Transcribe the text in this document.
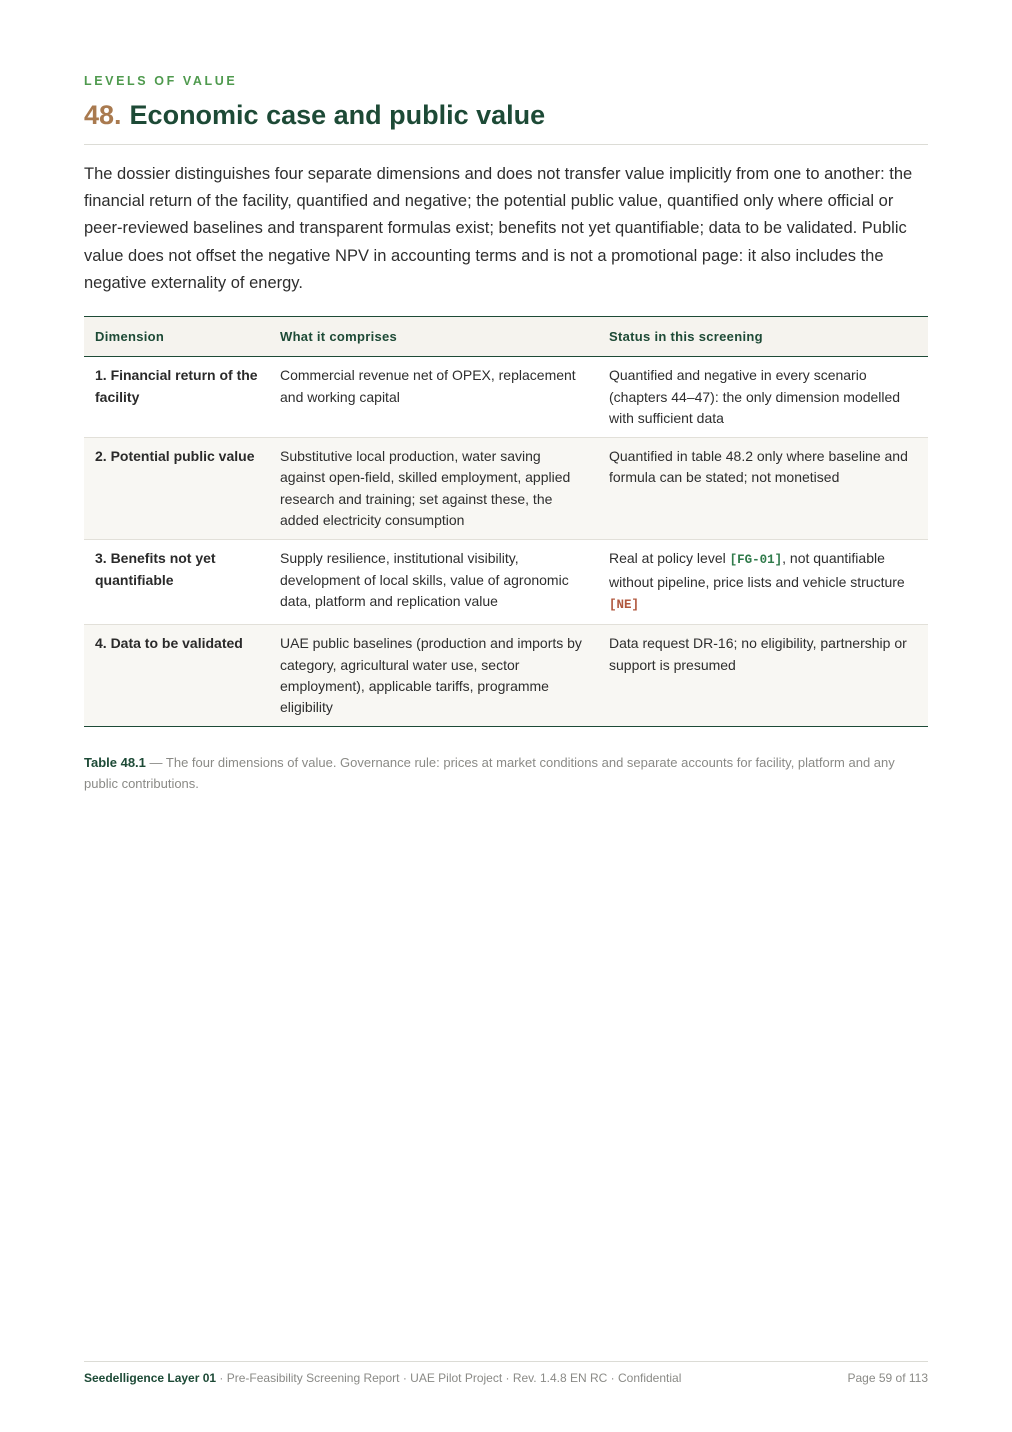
LEVELS OF VALUE
48. Economic case and public value

The dossier distinguishes four separate dimensions and does not transfer value implicitly from one to another: the financial return of the facility, quantified and negative; the potential public value, quantified only where official or peer-reviewed baselines and transparent formulas exist; benefits not yet quantifiable; data to be validated. Public value does not offset the negative NPV in accounting terms and is not a promotional page: it also includes the negative externality of energy.

Dimension	What it comprises	Status in this screening
1. Financial return of the facility	Commercial revenue net of OPEX, replacement and working capital	Quantified and negative in every scenario (chapters 44–47): the only dimension modelled with sufficient data
2. Potential public value	Substitutive local production, water saving against open-field, skilled employment, applied research and training; set against these, the added electricity consumption	Quantified in table 48.2 only where baseline and formula can be stated; not monetised
3. Benefits not yet quantifiable	Supply resilience, institutional visibility, development of local skills, value of agronomic data, platform and replication value	Real at policy level [FG-01], not quantifiable without pipeline, price lists and vehicle structure [NE]
4. Data to be validated	UAE public baselines (production and imports by category, agricultural water use, sector employment), applicable tariffs, programme eligibility	Data request DR-16; no eligibility, partnership or support is presumed
Table 48.1 — The four dimensions of value. Governance rule: prices at market conditions and separate accounts for facility, platform and any public contributions.
Seedelligence Layer 01 · Pre-Feasibility Screening Report · UAE Pilot Project · Rev. 1.4.8 EN RC · Confidential	Page 59 of 113
